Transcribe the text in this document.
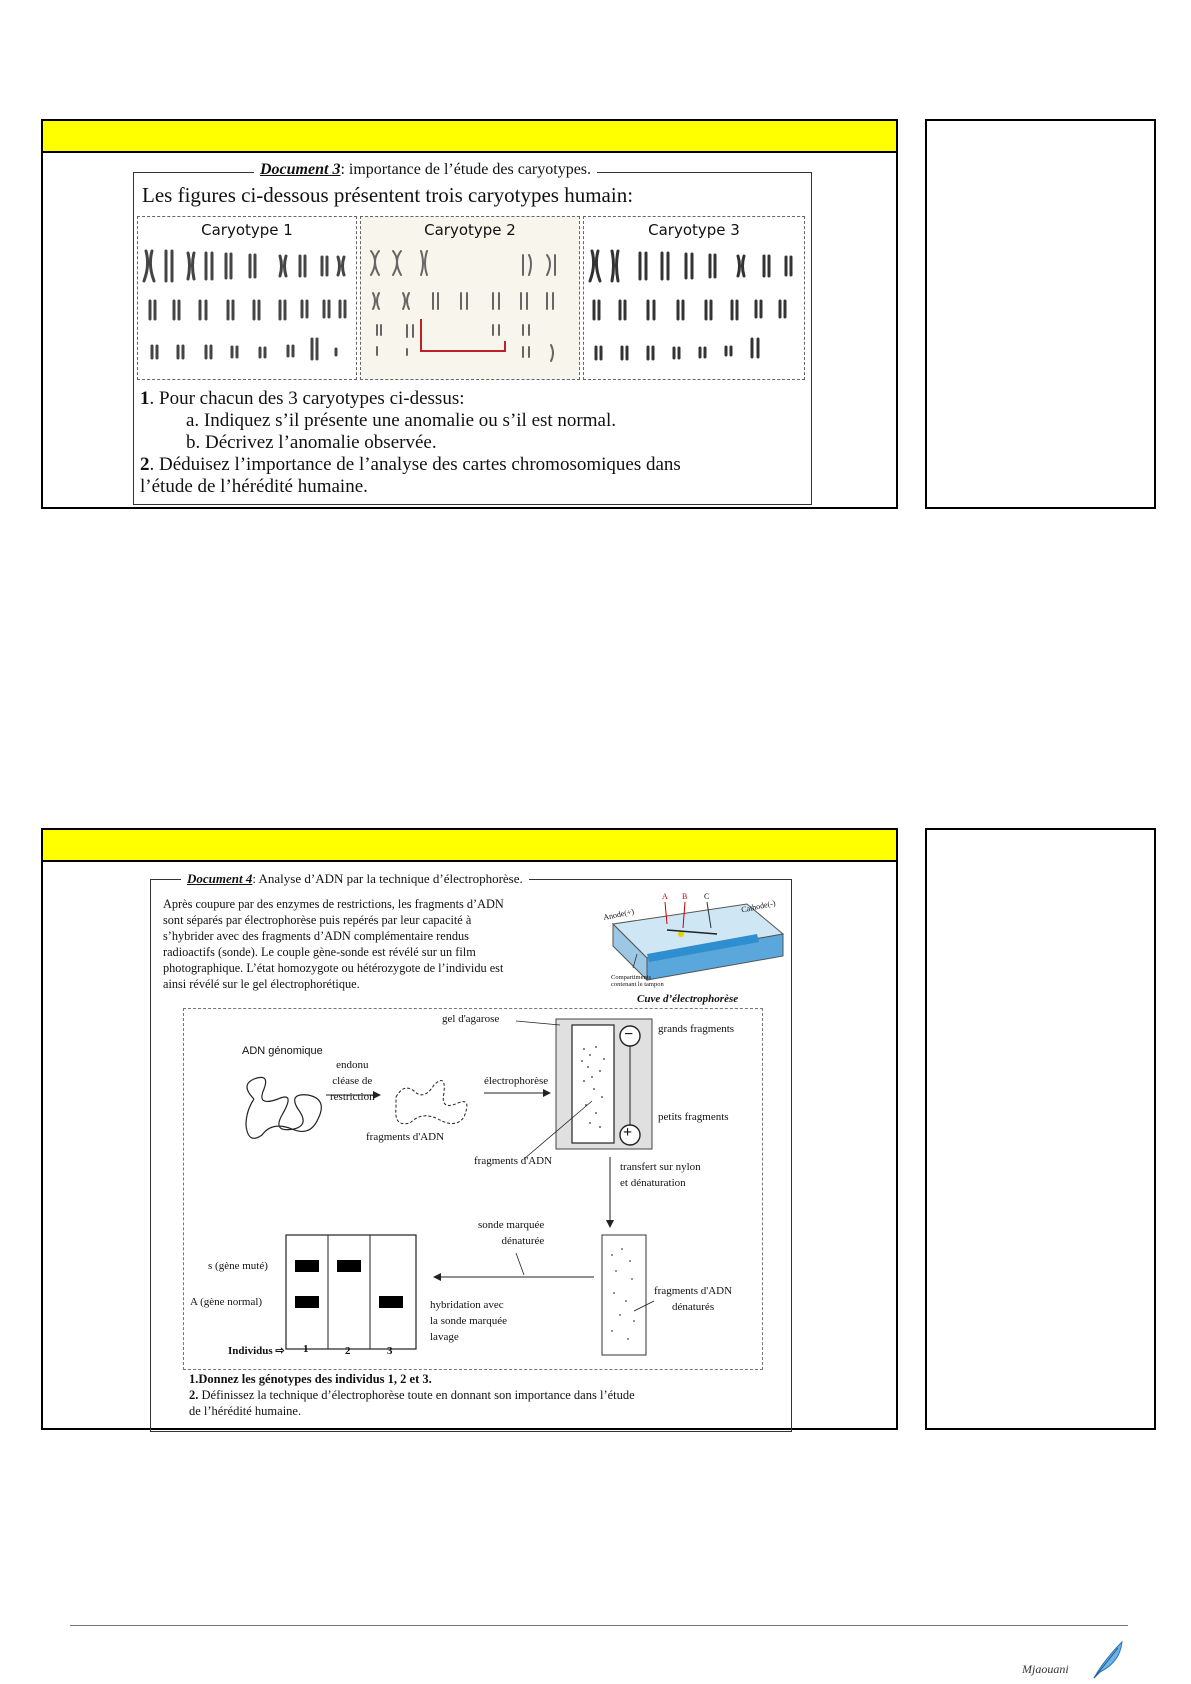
Document 3: importance de l’étude des caryotypes.
Les figures ci-dessous présentent trois caryotypes humain:
Caryotype 1	Caryotype 2	Caryotype 3
1. Pour chacun des 3 caryotypes ci-dessus:
a. Indiquez s’il présente une anomalie ou s’il est normal.
b. Décrivez l’anomalie observée.
2. Déduisez l’importance de l’analyse des cartes chromosomiques dans
l’étude de l’hérédité humaine.
Document 4: Analyse d’ADN par la technique d’électrophorèse.
Après coupure par des enzymes de restrictions, les fragments d’ADN
sont séparés par électrophorèse puis repérés par leur capacité à
s’hybrider avec des fragments d’ADN complémentaire rendus
radioactifs (sonde). Le couple gène-sonde est révélé sur un film
photographique. L’état homozygote ou hétérozygote de l’individu est
ainsi révélé sur le gel électrophorétique.
A B C
Anode(+)	Cathode(-)
Compartiments
contenant le tampon
Cuve d’électrophorèse
−
+
ADN génomique
endonu
cléase de
restriction
fragments d'ADN
électrophorèse
gel d'agarose
grands fragments
petits fragments
fragments d'ADN	transfert sur nylon
et dénaturation
sonde marquée
dénaturée
fragments d'ADN
dénaturés
hybridation avec
la sonde marquée
lavage
s (gène muté)
A (gène normal)
Individus ⇨ 1	2	3
1.Donnez les génotypes des individus 1, 2 et 3.
2. Définissez la technique d’électrophorèse toute en donnant son importance dans l’étude
de l’hérédité humaine.
Mjaouani
